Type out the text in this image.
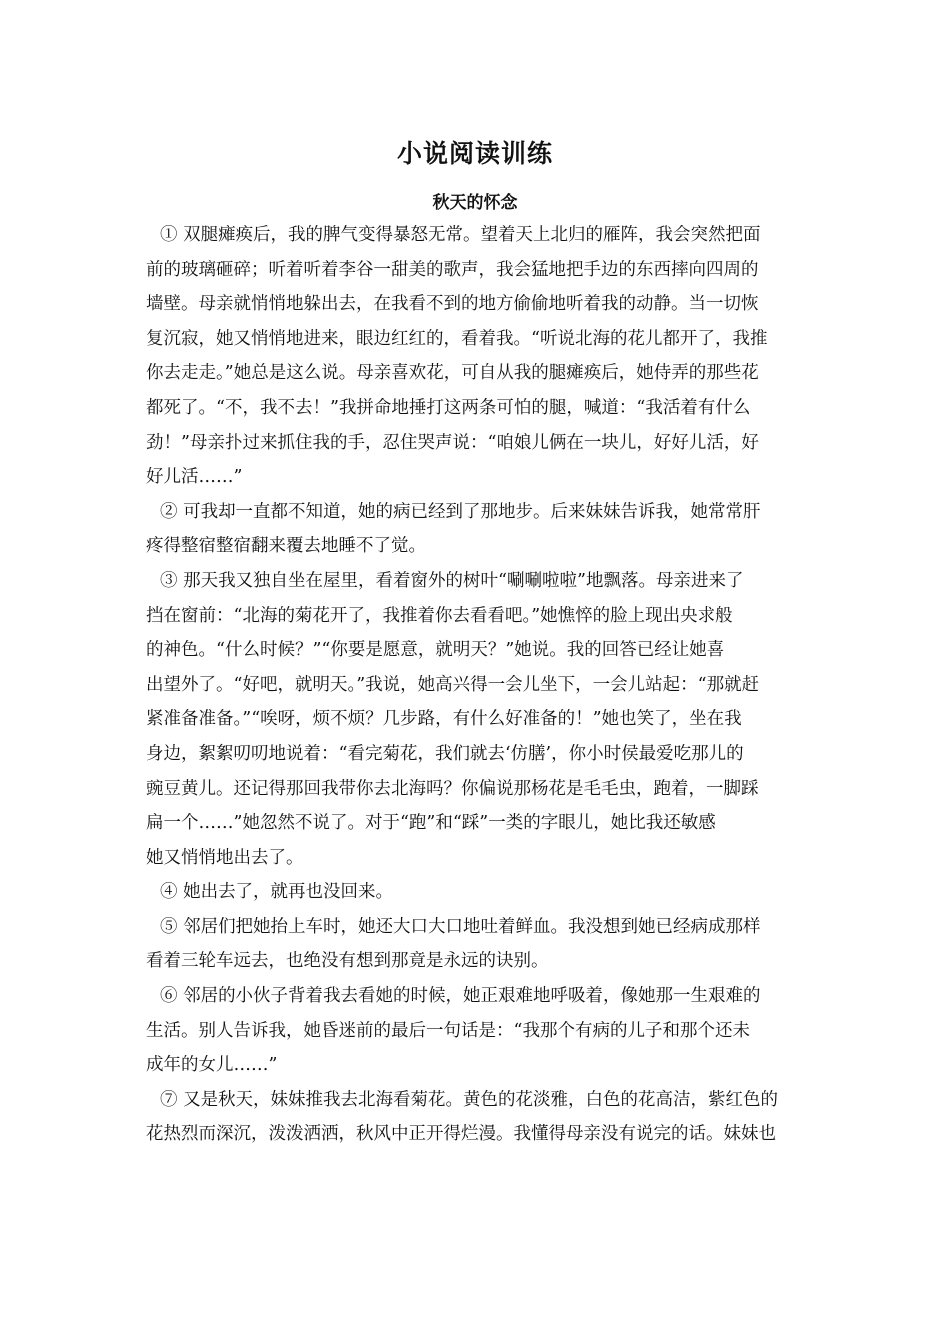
小说阅读训练
秋天的怀念
① 双腿瘫痪后，我的脾气变得暴怒无常。望着天上北归的雁阵，我会突然把面
前的玻璃砸碎；听着听着李谷一甜美的歌声，我会猛地把手边的东西摔向四周的
墙壁。母亲就悄悄地躲出去，在我看不到的地方偷偷地听着我的动静。当一切恢
复沉寂，她又悄悄地进来，眼边红红的，看着我。“听说北海的花儿都开了，我推
你去走走。”她总是这么说。母亲喜欢花，可自从我的腿瘫痪后，她侍弄的那些花
都死了。“不，我不去！”我拼命地捶打这两条可怕的腿，喊道：“我活着有什么
劲！”母亲扑过来抓住我的手，忍住哭声说：“咱娘儿俩在一块儿，好好儿活，好
好儿活……”
② 可我却一直都不知道，她的病已经到了那地步。后来妹妹告诉我，她常常肝
疼得整宿整宿翻来覆去地睡不了觉。
③ 那天我又独自坐在屋里，看着窗外的树叶“唰唰啦啦”地飘落。母亲进来了
挡在窗前：“北海的菊花开了，我推着你去看看吧。”她憔悴的脸上现出央求般
的神色。“什么时候？”“你要是愿意，就明天？”她说。我的回答已经让她喜
出望外了。“好吧，就明天。”我说，她高兴得一会儿坐下，一会儿站起：“那就赶
紧准备准备。”“唉呀，烦不烦？几步路，有什么好准备的！”她也笑了，坐在我
身边，絮絮叨叨地说着：“看完菊花，我们就去‘仿膳’，你小时侯最爱吃那儿的
豌豆黄儿。还记得那回我带你去北海吗？你偏说那杨花是毛毛虫，跑着，一脚踩
扁一个……”她忽然不说了。对于“跑”和“踩”一类的字眼儿，她比我还敏感
她又悄悄地出去了。
④ 她出去了，就再也没回来。
⑤ 邻居们把她抬上车时，她还大口大口地吐着鲜血。我没想到她已经病成那样
看着三轮车远去，也绝没有想到那竟是永远的诀别。
⑥ 邻居的小伙子背着我去看她的时候，她正艰难地呼吸着，像她那一生艰难的
生活。别人告诉我，她昏迷前的最后一句话是：“我那个有病的儿子和那个还未
成年的女儿……”
⑦ 又是秋天，妹妹推我去北海看菊花。黄色的花淡雅，白色的花高洁，紫红色的
花热烈而深沉，泼泼洒洒，秋风中正开得烂漫。我懂得母亲没有说完的话。妹妹也
